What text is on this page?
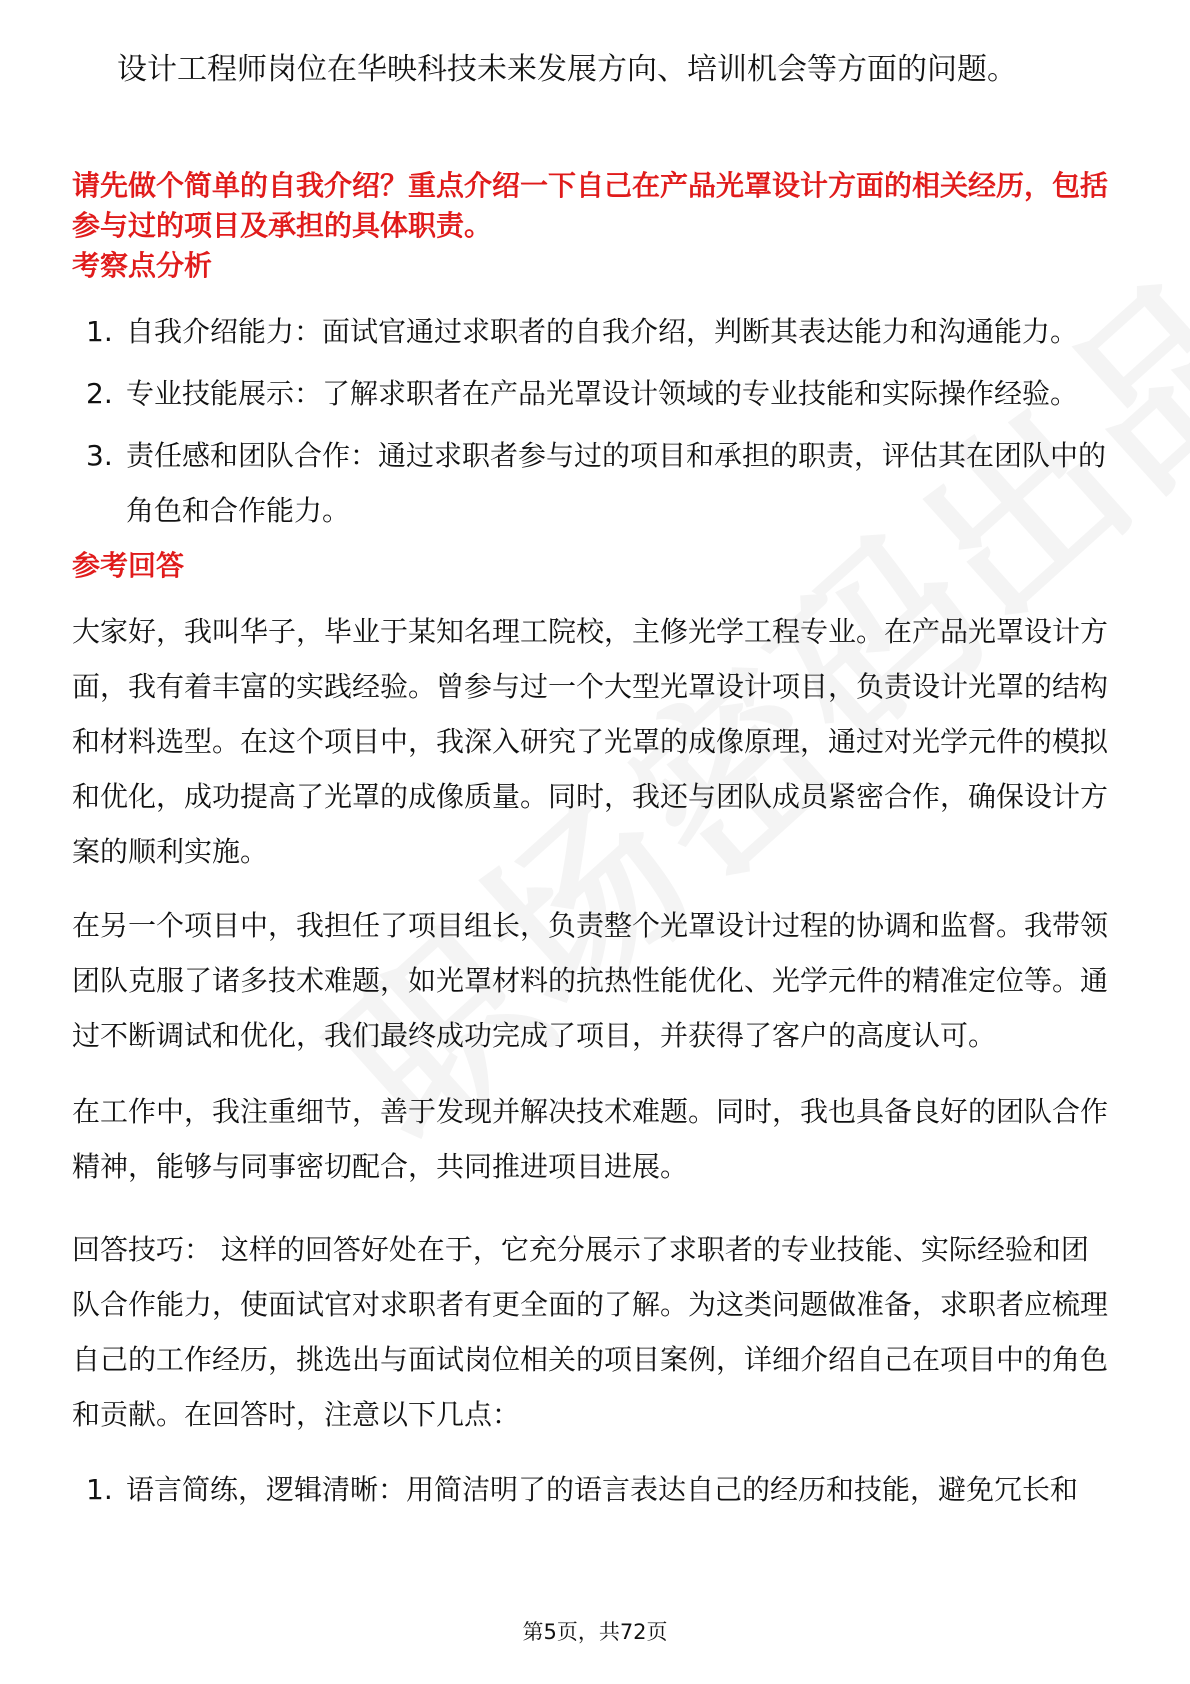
设计工程师岗位在华映科技未来发展方向、培训机会等方面的问题。
请先做个简单的自我介绍？重点介绍一下自己在产品光罩设计方面的相关经历，包括参与过的项目及承担的具体职责。
考察点分析
1. 自我介绍能力：面试官通过求职者的自我介绍，判断其表达能力和沟通能力。
2. 专业技能展示：了解求职者在产品光罩设计领域的专业技能和实际操作经验。
3. 责任感和团队合作：通过求职者参与过的项目和承担的职责，评估其在团队中的角色和合作能力。
参考回答

大家好，我叫华子，毕业于某知名理工院校，主修光学工程专业。在产品光罩设计方面，我有着丰富的实践经验。曾参与过一个大型光罩设计项目，负责设计光罩的结构和材料选型。在这个项目中，我深入研究了光罩的成像原理，通过对光学元件的模拟和优化，成功提高了光罩的成像质量。同时，我还与团队成员紧密合作，确保设计方案的顺利实施。

在另一个项目中，我担任了项目组长，负责整个光罩设计过程的协调和监督。我带领团队克服了诸多技术难题，如光罩材料的抗热性能优化、光学元件的精准定位等。通过不断调试和优化，我们最终成功完成了项目，并获得了客户的高度认可。

在工作中，我注重细节，善于发现并解决技术难题。同时，我也具备良好的团队合作精神，能够与同事密切配合，共同推进项目进展。

回答技巧： 这样的回答好处在于，它充分展示了求职者的专业技能、实际经验和团队合作能力，使面试官对求职者有更全面的了解。为这类问题做准备，求职者应梳理自己的工作经历，挑选出与面试岗位相关的项目案例，详细介绍自己在项目中的角色和贡献。在回答时，注意以下几点：

1. 语言简练，逻辑清晰：用简洁明了的语言表达自己的经历和技能，避免冗长和
第5页，共72页
